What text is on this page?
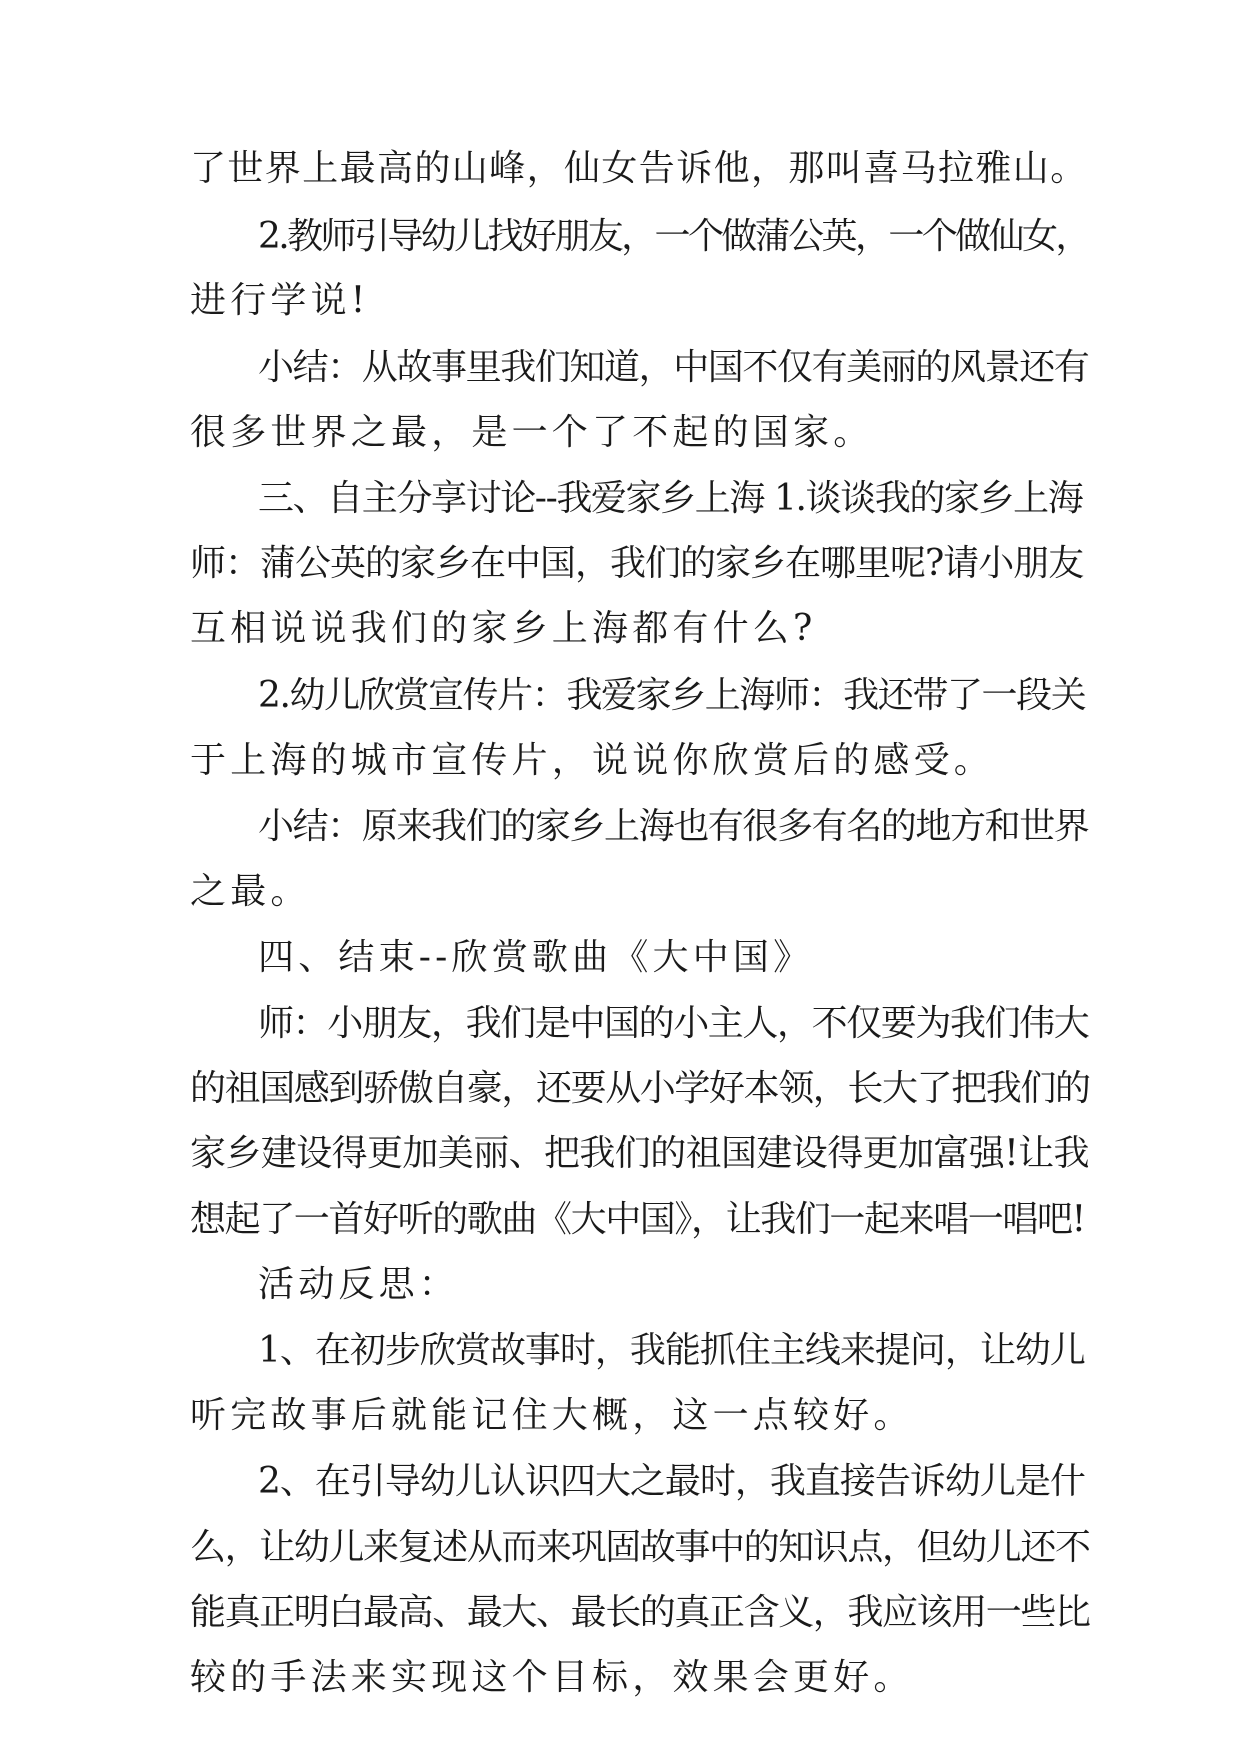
了世界上最高的山峰，仙女告诉他，那叫喜马拉雅山。
2.教师引导幼儿找好朋友，一个做蒲公英，一个做仙女，
进行学说!
小结：从故事里我们知道，中国不仅有美丽的风景还有
很多世界之最，是一个了不起的国家。
三、自主分享讨论--我爱家乡上海 1.谈谈我的家乡上海
师：蒲公英的家乡在中国，我们的家乡在哪里呢?请小朋友
互相说说我们的家乡上海都有什么?
2.幼儿欣赏宣传片：我爱家乡上海师：我还带了一段关
于上海的城市宣传片，说说你欣赏后的感受。
小结：原来我们的家乡上海也有很多有名的地方和世界
之最。
四、结束--欣赏歌曲《大中国》
师：小朋友，我们是中国的小主人，不仅要为我们伟大
的祖国感到骄傲自豪，还要从小学好本领，长大了把我们的
家乡建设得更加美丽、把我们的祖国建设得更加富强!让我
想起了一首好听的歌曲《大中国》，让我们一起来唱一唱吧!
活动反思：
1、在初步欣赏故事时，我能抓住主线来提问，让幼儿
听完故事后就能记住大概，这一点较好。
2、在引导幼儿认识四大之最时，我直接告诉幼儿是什
么，让幼儿来复述从而来巩固故事中的知识点，但幼儿还不
能真正明白最高、最大、最长的真正含义，我应该用一些比
较的手法来实现这个目标，效果会更好。
